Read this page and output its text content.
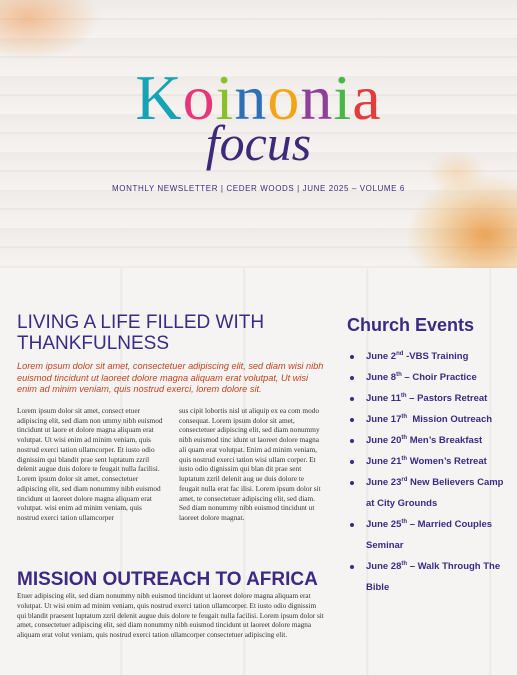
Koinonia
focus
MONTHLY NEWSLETTER | CEDER WOODS | JUNE 2025 – VOLUME 6
LIVING A LIFE FILLED WITH THANKFULNESS

Lorem ipsum dolor sit amet, consectetuer adipiscing elit, sed diam wisi nibh euismod tincidunt ut laoreet dolore magna aliquam erat volutpat, Ut wisi enim ad minim veniam, quis nostrud exerci, lorem dolore sit.

Lorem ipsum dolor sit amet, consect etuer adipiscing elit, sed diam non ummy nibh euismod tincidunt ut laore et dolore magna aliquam erat volutpat. Ut wisi enim ad minim veniam, quis nostrud exerci tation ullamcorper. Et iusto odio dignissim qui blandit prae sent luptatum zzril delenit augue duis dolore te feugait nulla facilisi. Lorem ipsum dolor sit amet, consectetuer adipiscing elit, sed diam nonummy nibh euismod tincidunt ut laoreet dolore magna aliquam erat volutpat. wisi enim ad minim veniam, quis nostrud exerci tation ullamcorper

sus cipit lobortis nisl ut aliquip ex ea com modo consequat. Lorem ipsum dolor sit amet, consectetuer adipiscing elit, sed diam nonummy nibh euismod tinc idunt ut laoreet dolore magna ali quam erat volutpat. Enim ad minim veniam, quis nostrud exerci tation wisi ullam corper. Et iusto odio dignissim qui blan dit prae sent luptatum zzril delenit aug ue duis dolore te feugait nulla erat fac ilisi. Lorem ipsum dolor sit amet, te consectetuer adipiscing elit, sed diam. Sed diam nonummy nibh euismod tincidunt ut laoreet dolore magnat.

MISSION OUTREACH TO AFRICA

Etuer adipiscing elit, sed diam nonummy nibh euismod tincidunt ut laoreet dolore magna aliquam erat volutpat. Ut wisi enim ad minim veniam, quis nostrud exerci tation ullamcorper. Et iusto odio dignissim qui blandit praesent luptatum zzril delenit augue duis dolore te feugait nulla facilisi. Lorem ipsum dolor sit amet, consectetuer adipiscing elit, sed diam nonummy nibh euismod tincidunt ut laoreet dolore magna aliquam erat volut veniam, quis nostrud exerci tation ullamcorper consectetuer adipiscing elit.

Church Events
June 2nd -VBS Training
June 8th – Choir Practice
June 11th – Pastors Retreat
June 17th  Mission Outreach
June 20th Men’s Breakfast
June 21th Women’s Retreat
June 23rd New Believers Camp at City Grounds
June 25th – Married Couples Seminar
June 28th – Walk Through The Bible
